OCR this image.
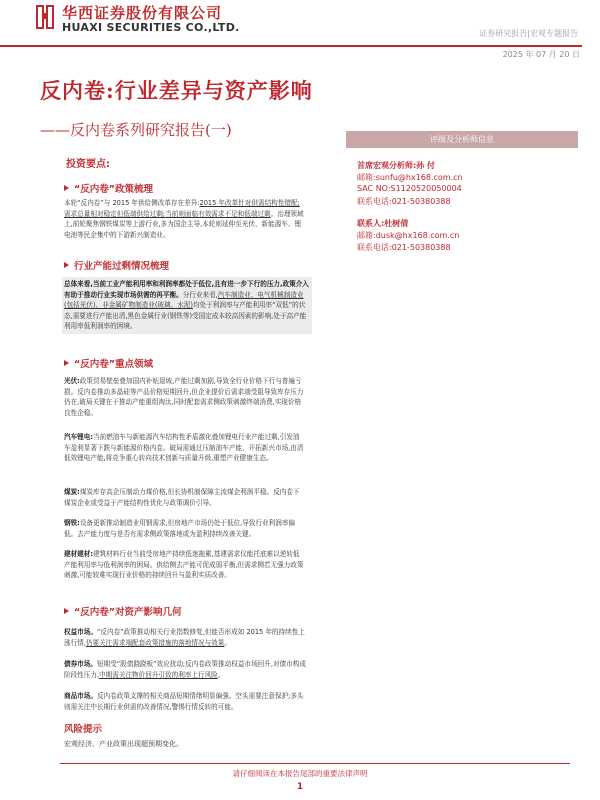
华西证券股份有限公司
HUAXI SECURITIES CO.,LTD.	证券研究报告|宏观专题报告
2025 年 07 月 20 日
反内卷:行业差异与资产影响
——反内卷系列研究报告(一)
评级及分析师信息
首席宏观分析师:孙 付
邮箱:sunfu@hx168.com.cn
SAC NO:S1120520050004
联系电话:021-50380388
联系人:杜树倩
邮箱:dusk@hx168.com.cn
联系电话:021-50380388
投资要点:
“反内卷”政策梳理
本轮“反内卷”与 2015 年供给侧改革存在差异:2015 年改革针对供需结构性错配;需求总量相对稳定但低端供给过剩;当前则面临有效需求不足和低端过剩。治理领域上,前轮聚焦钢铁煤炭等上游行业,多为国企主导,本轮则延伸至光伏、新能源车、锂电池等民企集中的下游新兴制造业。
行业产能过剩情况梳理
总体来看,当前工业产能利用率和利润率都处于低位,且有进一步下行的压力,政策介入有助于推动行业实现市场供需的再平衡。分行业来看,汽车制造业、电气机械制造业(包括光伏)、非金属矿物制造业(玻璃、水泥)均处于利润率与产能利用率“双低”的状态,需要进行产能出清,黑色金属行业(钢铁等)受国定成本较高因素的影响,处于高产能利用率低利润率的困境。
“反内卷”重点领域
光伏:政策贸易壁垒叠加国内补贴退坡,产能过剩加剧,导致全行业价格下行与普遍亏损。反内卷推动多晶硅等产品价格短期回升,但企业提价后需求端受阻导致库存压力仍在,破局关键在于推动产能重组淘汰,同时配套需求侧政策刺激终端消费,实现价格良性企稳。
汽车锂电:当前燃油车与新能源汽车结构性矛盾激化叠加锂电行业产能过剩,引发油车盈利显著下跌与新能源价格内卷。破局需通过压缩油车产能、开拓新兴市场,由清低效锂电产能,将竞争重心转向技术创新与质量升级,重塑产业健康生态。
煤炭:煤炭库存高企压制动力煤价格,但长协机制保障主流煤企利润平稳。反内卷下煤炭企业或受益于产能结构性优化与政策调价引导。
钢铁:设备更新推动制造业用钢需求,但房地产市场仍处于低位,导致行业利润率偏低。去产能力度与是否有需求侧政策落地或为盈利持续改善关键。
建材建材:建筑材料行业当前受房地产持续低迷拖累,基建需求仅能托底难以逆转低产能利用率与低利润率的困局。供给侧去产能可促成弱平衡,但需求侧若无强力政策刺激,可能较难实现行业价格的持续回升与盈利实质改善。
“反内卷”对资产影响几何
权益市场。“反内卷”政策推动相关行业指数修复,但能否形成如 2015 年的持续性上涨行情,仍要关注需求端配套政策措施的落地情况与效果。
债券市场。短期受“股债跷跷板”效应扰动;反内卷政策推动权益市场回升,对债市构成阶段性压力,中期需关注物价回升引致的利率上行风险。
商品市场。反内卷政策支撑的相关商品短期情绪明显偏强。空头需要注意保护;多头则需关注中长期行业供需的改善情况,警惕行情反转的可能。
风险提示
宏观经济、产业政策出现超预期变化。
请仔细阅读在本报告尾部的重要法律声明
1
